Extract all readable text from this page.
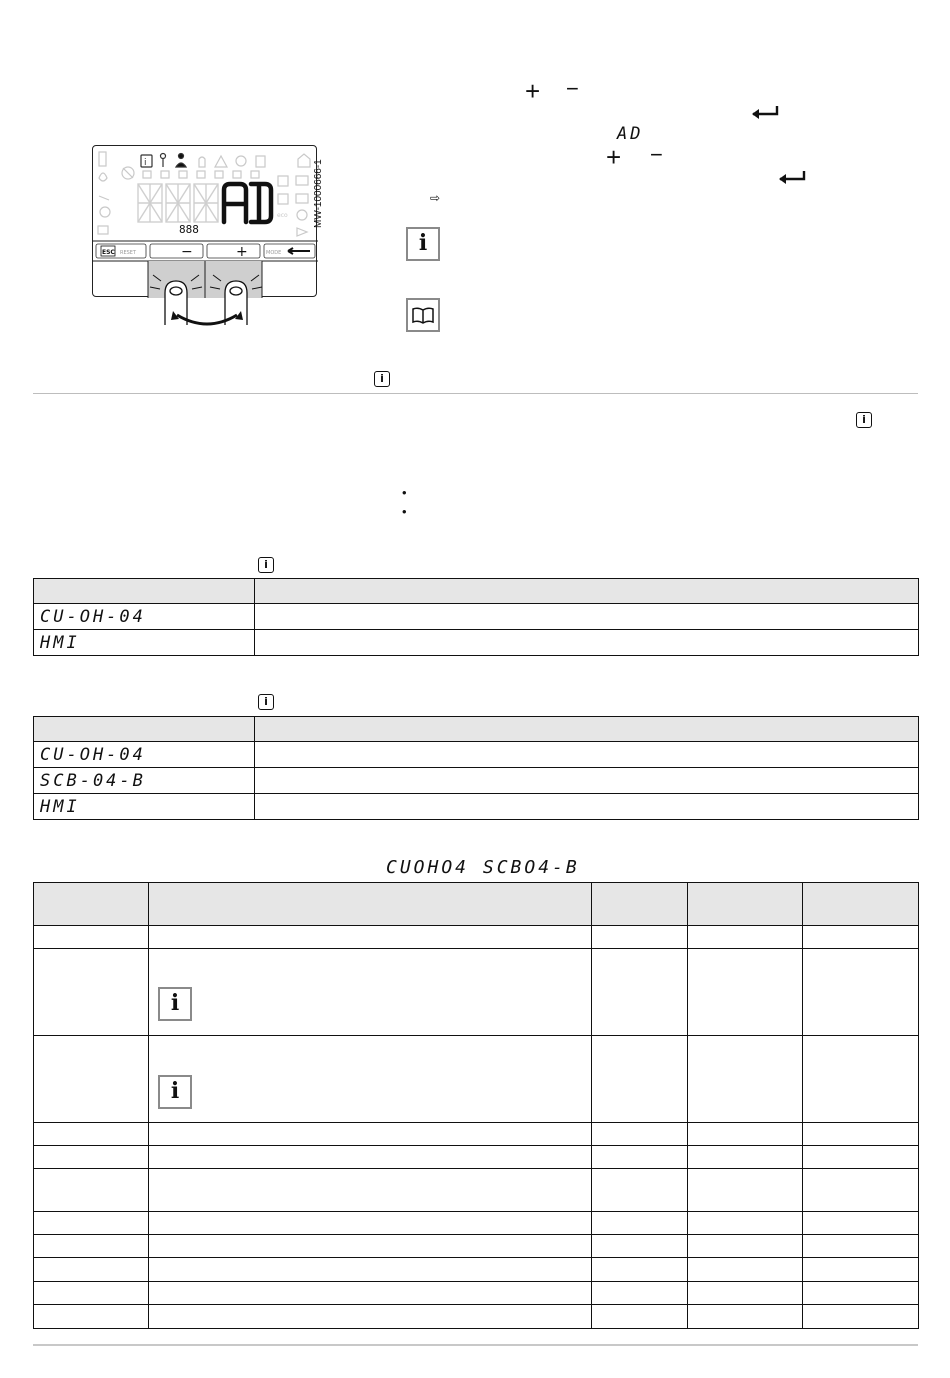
i
eco
888
ESC RESET	−	+	MODE
MW-1000666-1
+ −
AD
+ −
⇨
i
i
i
•
•
i

CU-OH-04	
HMI	
i

CU-OH-04	
SCB-04-B	
HMI	
CUOHO4 SCBO4-B

	i			

	i			
